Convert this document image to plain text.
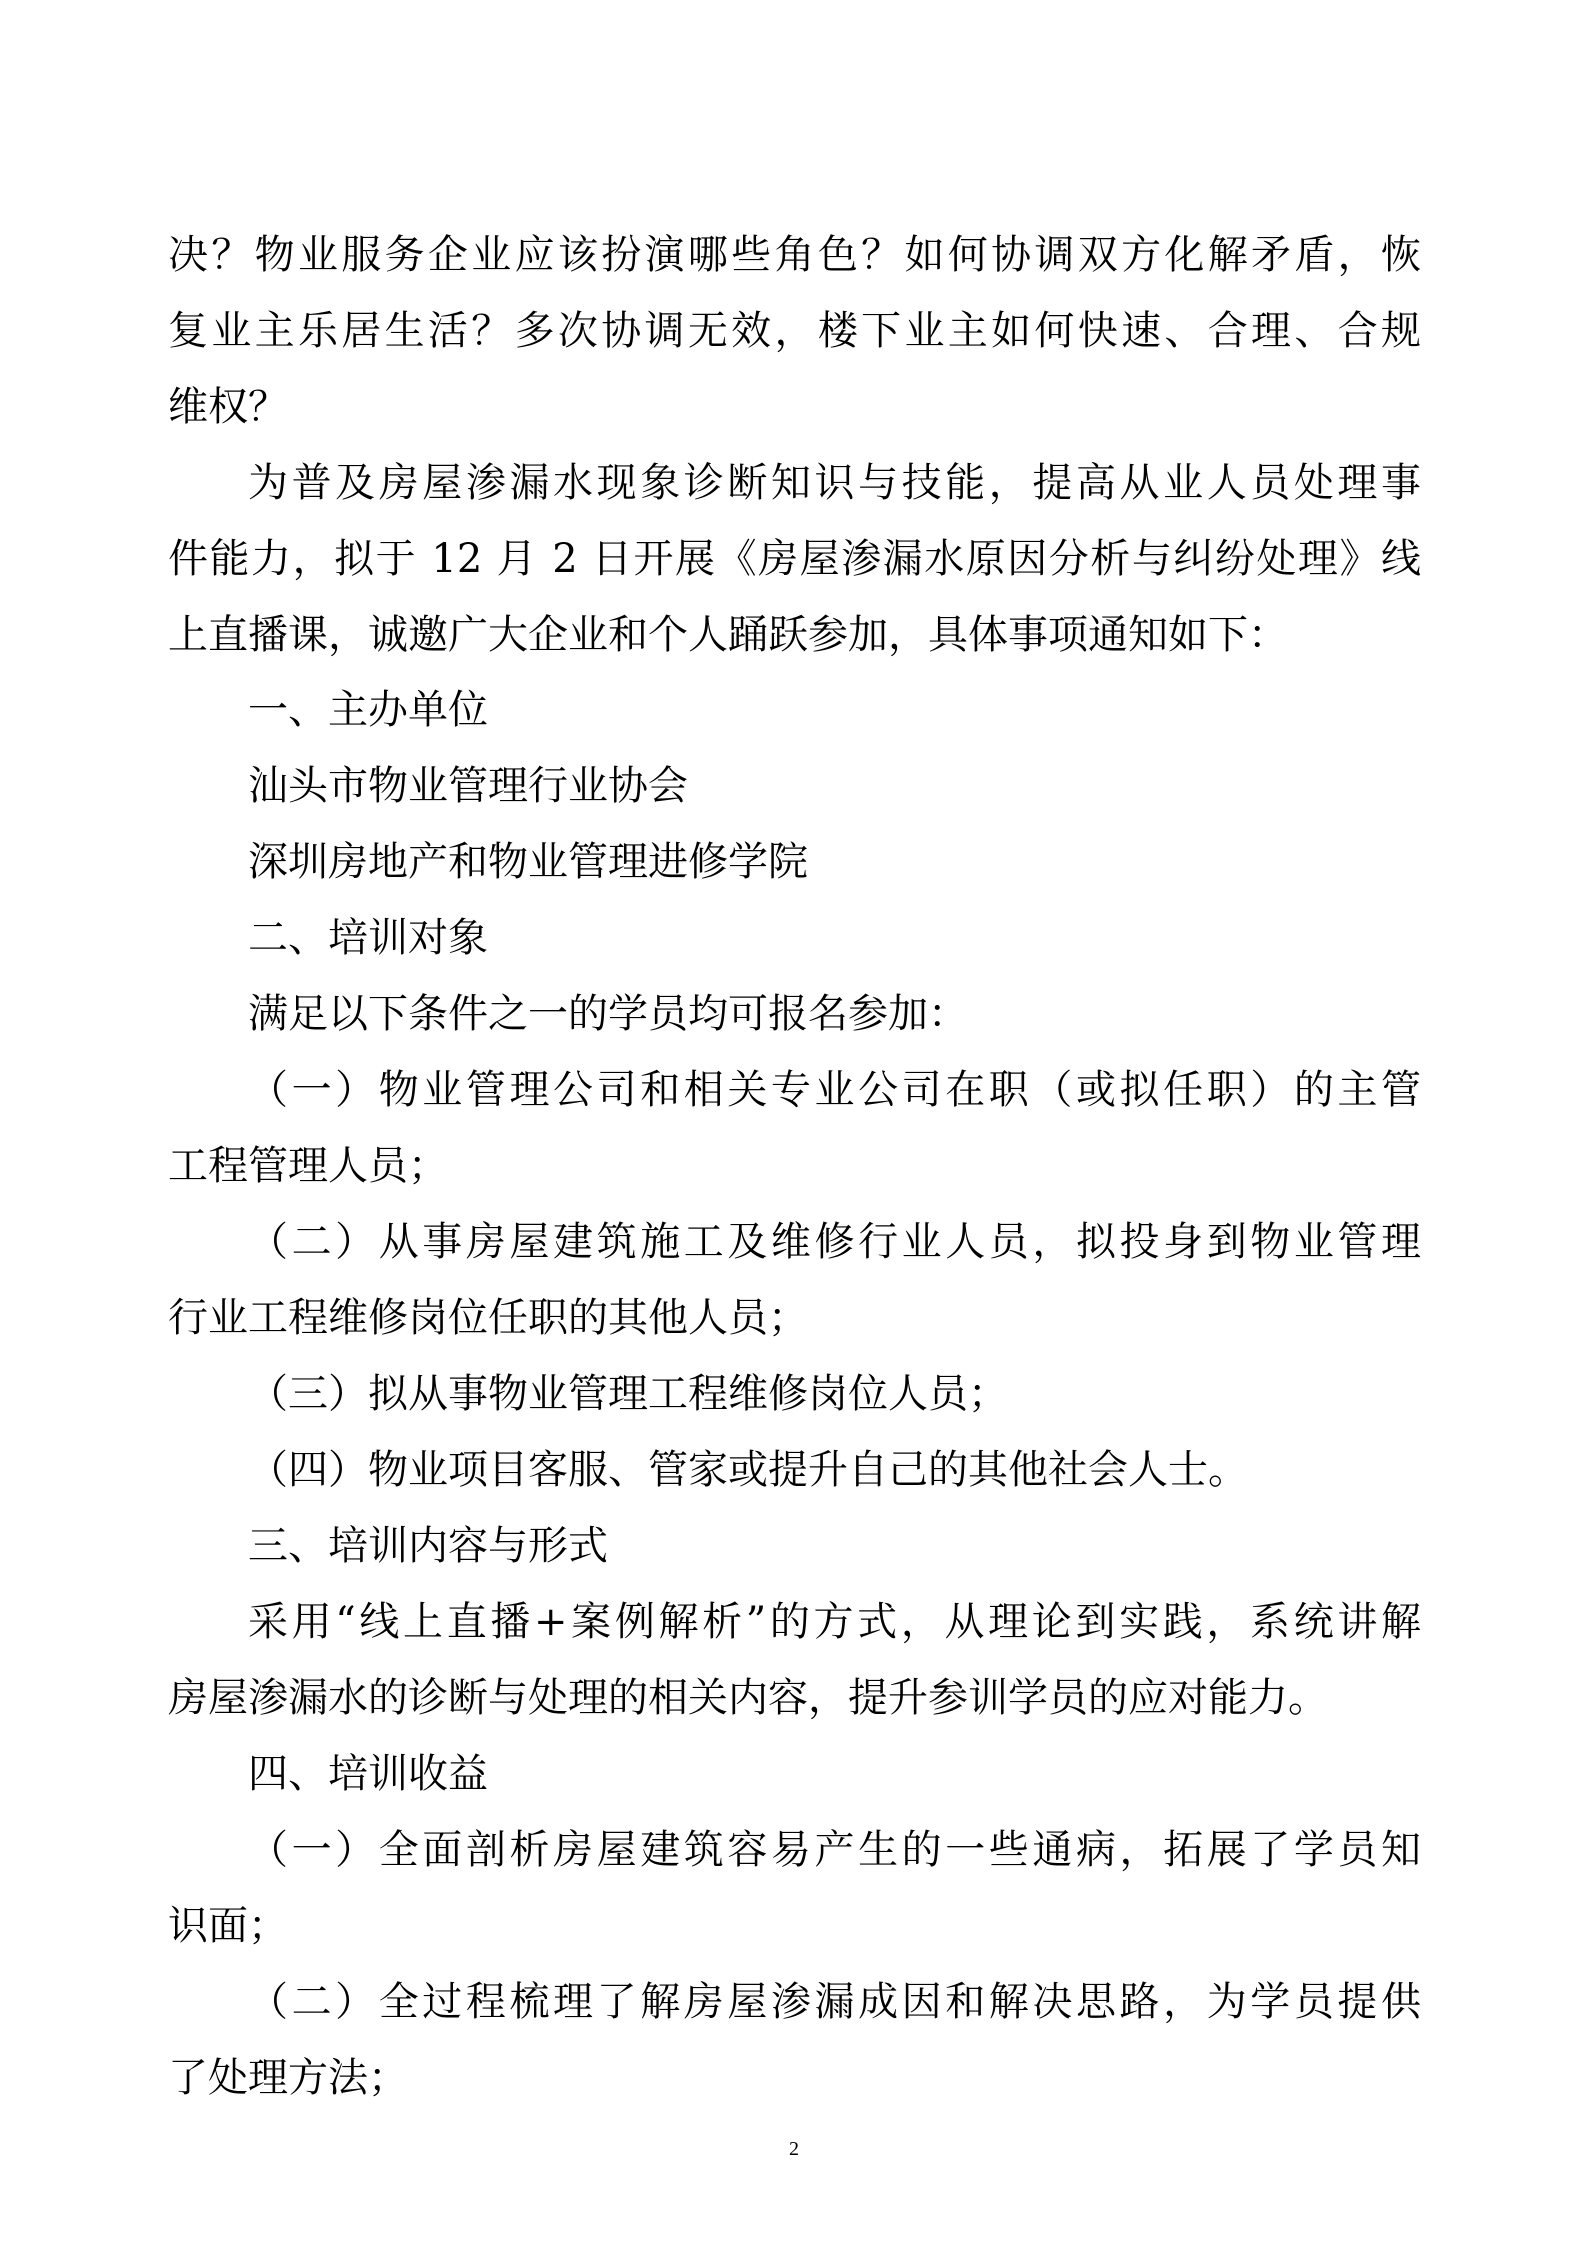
决？物业服务企业应该扮演哪些角色？如何协调双方化解矛盾，恢
复业主乐居生活？多次协调无效，楼下业主如何快速、合理、合规
维权？
为普及房屋渗漏水现象诊断知识与技能，提高从业人员处理事
件能力，拟于 12 月 2 日开展《房屋渗漏水原因分析与纠纷处理》线
上直播课，诚邀广大企业和个人踊跃参加，具体事项通知如下：
一、主办单位
汕头市物业管理行业协会
深圳房地产和物业管理进修学院
二、培训对象
满足以下条件之一的学员均可报名参加：
（一）物业管理公司和相关专业公司在职（或拟任职）的主管
工程管理人员；
（二）从事房屋建筑施工及维修行业人员，拟投身到物业管理
行业工程维修岗位任职的其他人员；
（三）拟从事物业管理工程维修岗位人员；
（四）物业项目客服、管家或提升自己的其他社会人士。
三、培训内容与形式
采用“线上直播+案例解析”的方式，从理论到实践，系统讲解
房屋渗漏水的诊断与处理的相关内容，提升参训学员的应对能力。
四、培训收益
（一）全面剖析房屋建筑容易产生的一些通病，拓展了学员知
识面；
（二）全过程梳理了解房屋渗漏成因和解决思路，为学员提供
了处理方法；
2
